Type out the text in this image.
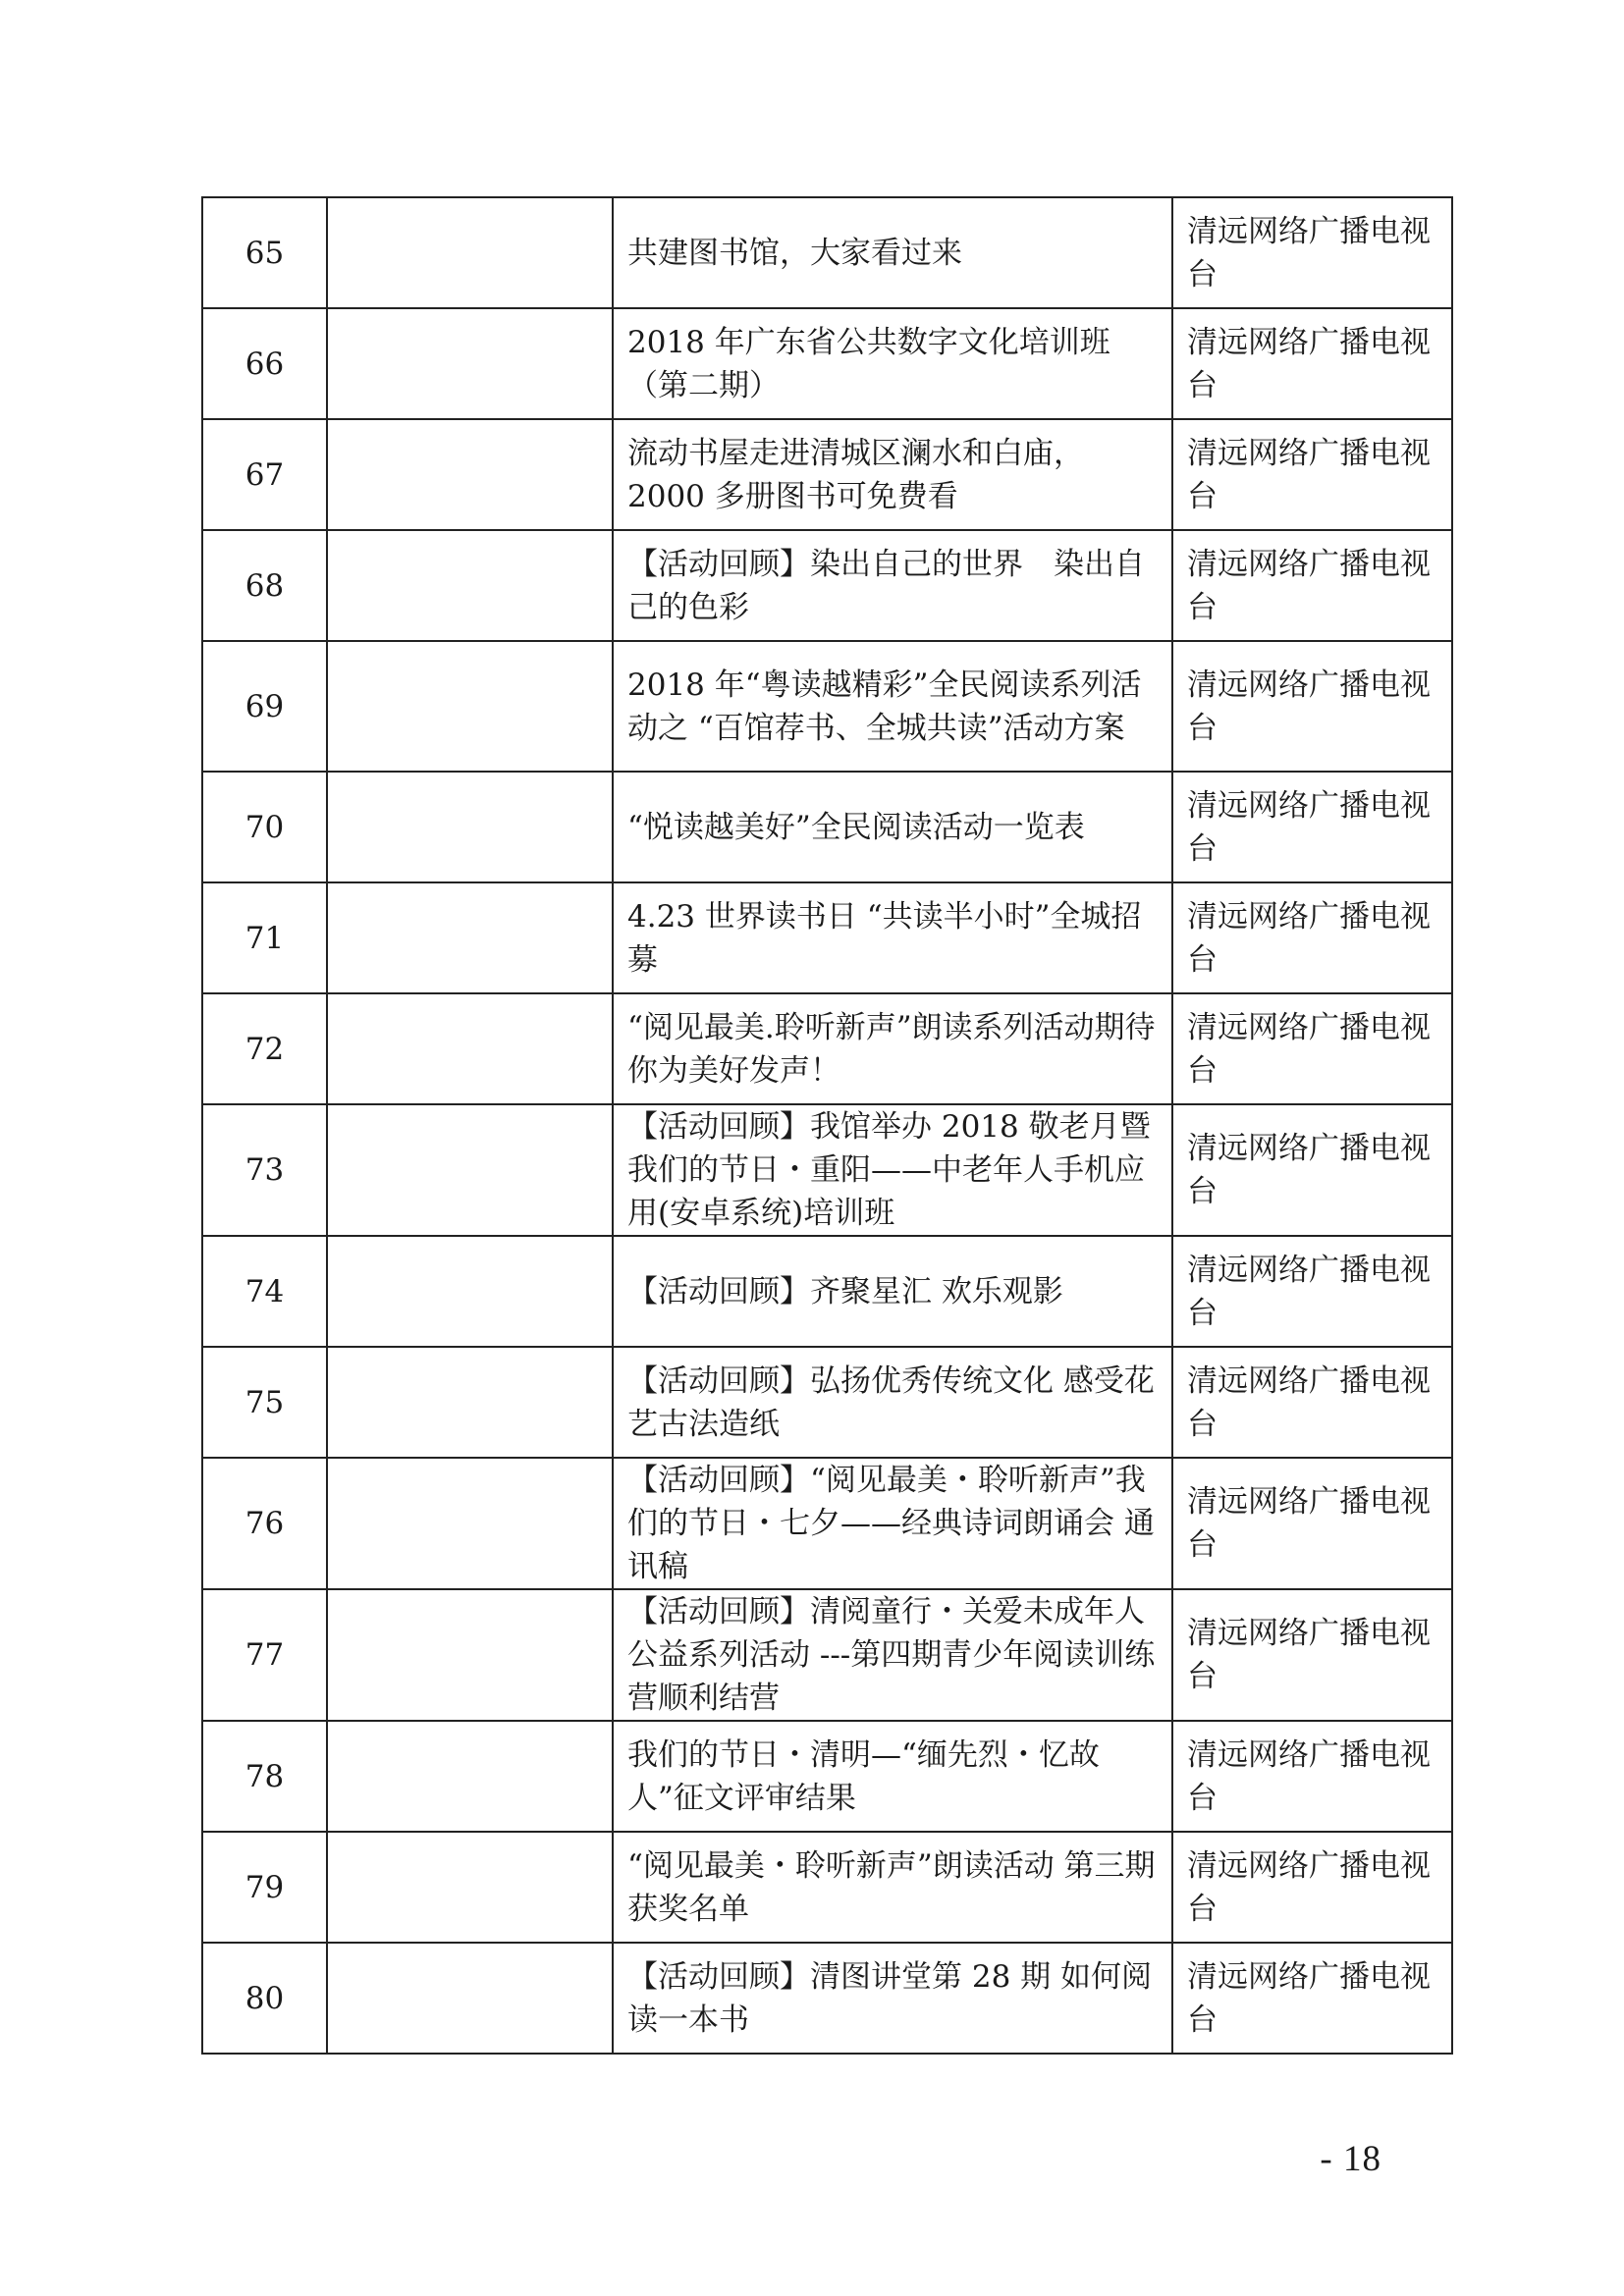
65		共建图书馆，大家看过来	清远网络广播电视台
66		2018 年广东省公共数字文化培训班（第二期）	清远网络广播电视台
67		流动书屋走进清城区澜水和白庙，2000 多册图书可免费看	清远网络广播电视台
68		【活动回顾】染出自己的世界　染出自己的色彩	清远网络广播电视台
69		2018 年“粤读越精彩”全民阅读系列活动之 “百馆荐书、全城共读”活动方案	清远网络广播电视台
70		“悦读越美好”全民阅读活动一览表	清远网络广播电视台
71		4.23 世界读书日 “共读半小时”全城招募	清远网络广播电视台
72		“阅见最美.聆听新声”朗读系列活动期待你为美好发声！	清远网络广播电视台
73		【活动回顾】我馆举办 2018 敬老月暨我们的节日・重阳——中老年人手机应用(安卓系统)培训班	清远网络广播电视台
74		【活动回顾】齐聚星汇 欢乐观影	清远网络广播电视台
75		【活动回顾】弘扬优秀传统文化 感受花艺古法造纸	清远网络广播电视台
76		【活动回顾】“阅见最美・聆听新声”我们的节日・七夕——经典诗词朗诵会 通讯稿	清远网络广播电视台
77		【活动回顾】清阅童行・关爱未成年人公益系列活动 ---第四期青少年阅读训练营顺利结营	清远网络广播电视台
78		我们的节日・清明—“缅先烈・忆故人”征文评审结果	清远网络广播电视台
79		“阅见最美・聆听新声”朗读活动 第三期获奖名单	清远网络广播电视台
80		【活动回顾】清图讲堂第 28 期 如何阅读一本书	清远网络广播电视台
- 18
